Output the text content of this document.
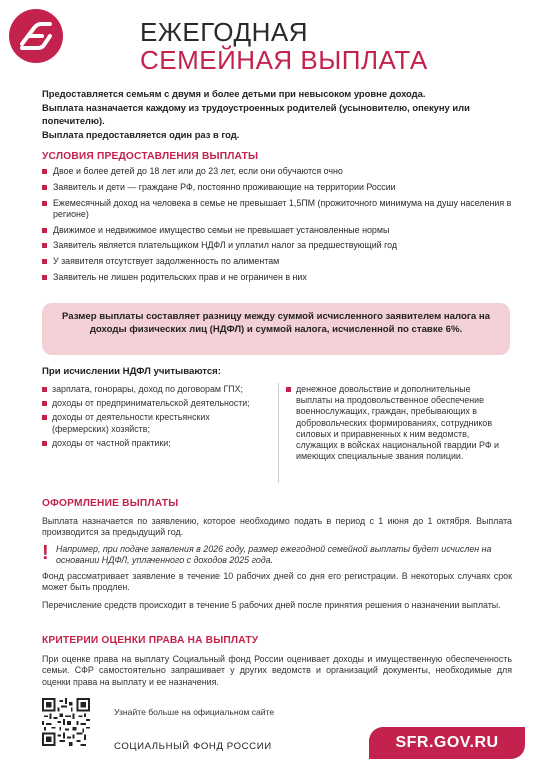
ЕЖЕГОДНАЯ
СЕМЕЙНАЯ ВЫПЛАТА
Предоставляется семьям с двумя и более детьми при невысоком уровне дохода.
Выплата назначается каждому из трудоустроенных родителей (усыновителю, опекуну или попечителю).
Выплата предоставляется один раз в год.
УСЛОВИЯ ПРЕДОСТАВЛЕНИЯ ВЫПЛАТЫ
Двое и более детей до 18 лет или до 23 лет, если они обучаются очно
Заявитель и дети — граждане РФ, постоянно проживающие на территории России
Ежемесячный доход на человека в семье не превышает 1,5ПМ (прожиточного минимума на душу населения в регионе)
Движимое и недвижимое имущество семьи не превышает установленные нормы
Заявитель является плательщиком НДФЛ и уплатил налог за предшествующий год
У заявителя отсутствует задолженность по алиментам
Заявитель не лишен родительских прав и не ограничен в них
Размер выплаты составляет разницу между суммой исчисленного заявителем налога на доходы физических лиц (НДФЛ) и суммой налога, исчисленной по ставке 6%.
При исчислении НДФЛ учитываются:
зарплата, гонорары, доход по договорам ГПХ;
доходы от предпринимательской деятельности;
доходы от деятельности крестьянских (фермерских) хозяйств;
доходы от частной практики;
денежное довольствие и дополнительные выплаты на продовольственное обеспечение военнослужащих, граждан, пребывающих в добровольческих формированиях, сотрудников силовых и приравненных к ним ведомств, служащих в войсках национальной гвардии РФ и имеющих специальные звания полиции.
ОФОРМЛЕНИЕ ВЫПЛАТЫ
Выплата назначается по заявлению, которое необходимо подать в период с 1 июня до 1 октября. Выплата производится за предыдущий год.
! Например, при подаче заявления в 2026 году, размер ежегодной семейной выплаты будет исчислен на основании НДФЛ, уплаченного с доходов 2025 года.
Фонд рассматривает заявление в течение 10 рабочих дней со дня его регистрации. В некоторых случаях срок может быть продлен.
Перечисление средств происходит в течение 5 рабочих дней после принятия решения о назначении выплаты.
КРИТЕРИИ ОЦЕНКИ ПРАВА НА ВЫПЛАТУ
При оценке права на выплату Социальный фонд России оценивает доходы и имущественную обеспеченность семьи. СФР самостоятельно запрашивает у других ведомств и организаций документы, необходимые для оценки права на выплату и ее назначения.
Узнайте больше на официальном сайте
СОЦИАЛЬНЫЙ ФОНД РОССИИ	SFR.GOV.RU
